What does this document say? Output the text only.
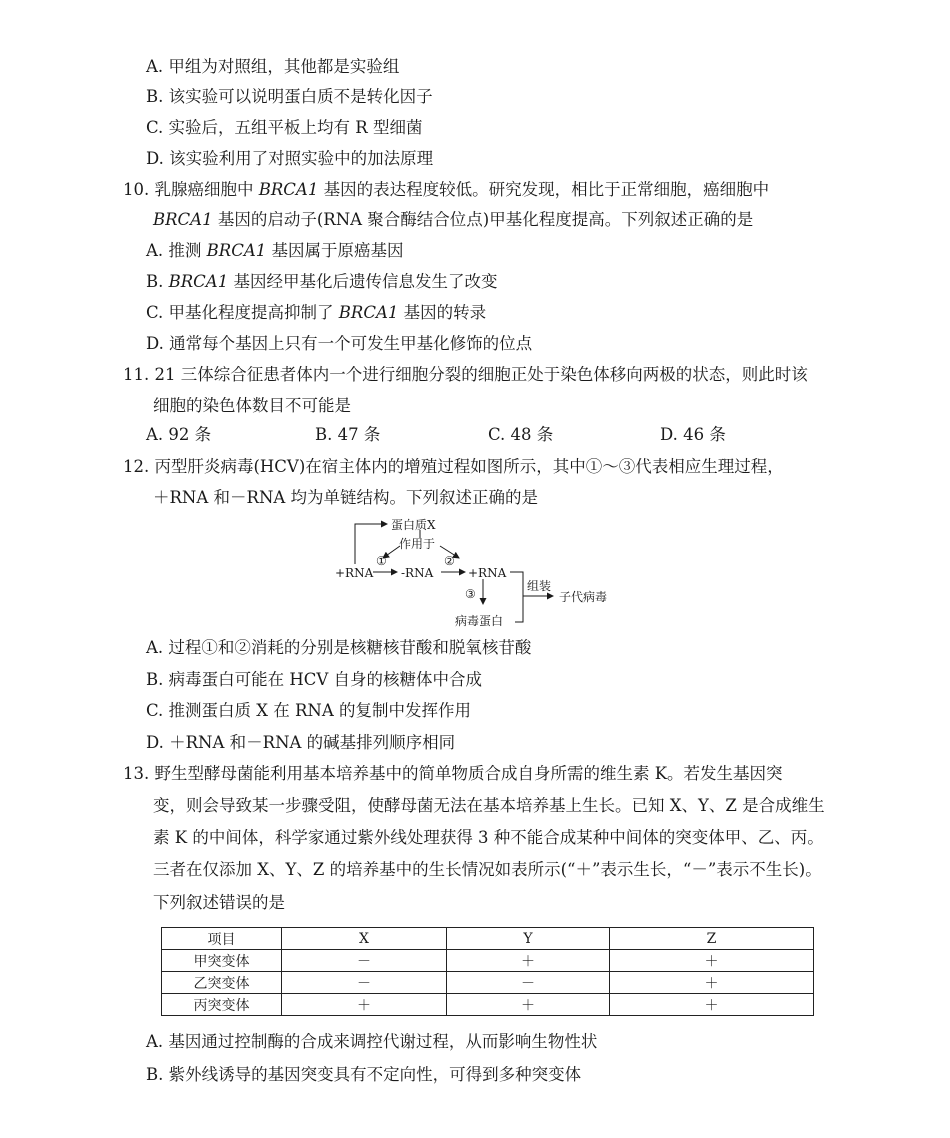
A. 甲组为对照组，其他都是实验组
B. 该实验可以说明蛋白质不是转化因子
C. 实验后，五组平板上均有 R 型细菌
D. 该实验利用了对照实验中的加法原理
10. 乳腺癌细胞中 BRCA1 基因的表达程度较低。研究发现，相比于正常细胞，癌细胞中
BRCA1 基因的启动子(RNA 聚合酶结合位点)甲基化程度提高。下列叙述正确的是
A. 推测 BRCA1 基因属于原癌基因
B. BRCA1 基因经甲基化后遗传信息发生了改变
C. 甲基化程度提高抑制了 BRCA1 基因的转录
D. 通常每个基因上只有一个可发生甲基化修饰的位点
11. 21 三体综合征患者体内一个进行细胞分裂的细胞正处于染色体移向两极的状态，则此时该
细胞的染色体数目不可能是
A. 92 条	B. 47 条	C. 48 条	D. 46 条
12. 丙型肝炎病毒(HCV)在宿主体内的增殖过程如图所示，其中①～③代表相应生理过程，
＋RNA 和－RNA 均为单链结构。下列叙述正确的是
蛋白质X
作用于
①	②
+RNA -RNA	+RNA
③
组装
子代病毒
病毒蛋白
A. 过程①和②消耗的分别是核糖核苷酸和脱氧核苷酸
B. 病毒蛋白可能在 HCV 自身的核糖体中合成
C. 推测蛋白质 X 在 RNA 的复制中发挥作用
D. ＋RNA 和－RNA 的碱基排列顺序相同
13. 野生型酵母菌能利用基本培养基中的简单物质合成自身所需的维生素 K。若发生基因突
变，则会导致某一步骤受阻，使酵母菌无法在基本培养基上生长。已知 X、Y、Z 是合成维生
素 K 的中间体，科学家通过紫外线处理获得 3 种不能合成某种中间体的突变体甲、乙、丙。
三者在仅添加 X、Y、Z 的培养基中的生长情况如表所示(“＋”表示生长，“－”表示不生长)。
下列叙述错误的是
项目	X	Y	Z
甲突变体	－	＋	＋
乙突变体	－	－	＋
丙突变体	＋	＋	＋
A. 基因通过控制酶的合成来调控代谢过程，从而影响生物性状
B. 紫外线诱导的基因突变具有不定向性，可得到多种突变体
